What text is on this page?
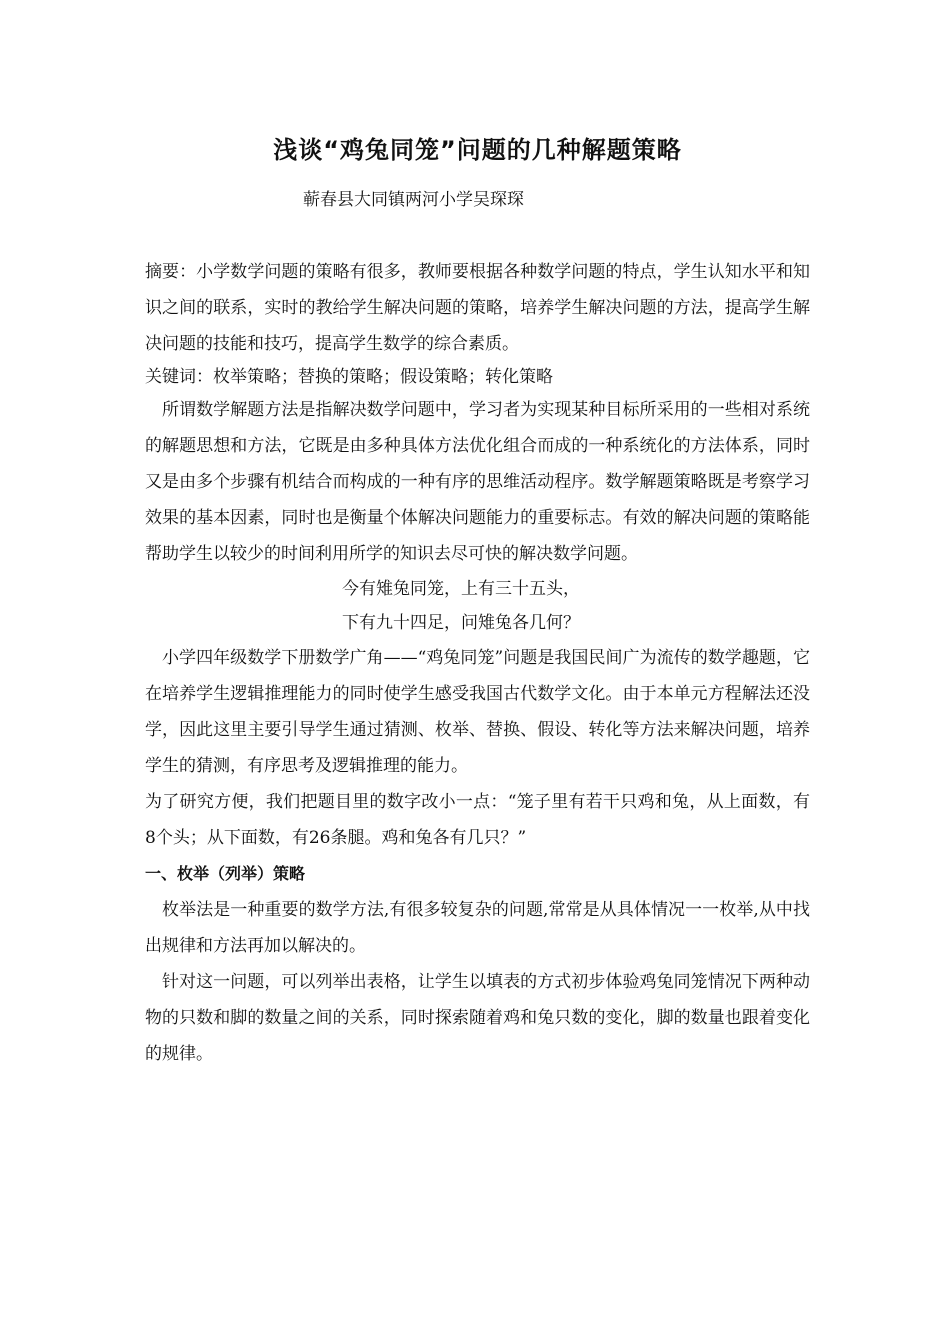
浅谈“鸡兔同笼”问题的几种解题策略

蕲春县大同镇两河小学吴琛琛

摘要：小学数学问题的策略有很多，教师要根据各种数学问题的特点，学生认知水平和知识之间的联系，实时的教给学生解决问题的策略，培养学生解决问题的方法，提高学生解决问题的技能和技巧，提高学生数学的综合素质。

关键词：枚举策略；替换的策略；假设策略；转化策略

所谓数学解题方法是指解决数学问题中，学习者为实现某种目标所采用的一些相对系统的解题思想和方法，它既是由多种具体方法优化组合而成的一种系统化的方法体系，同时又是由多个步骤有机结合而构成的一种有序的思维活动程序。数学解题策略既是考察学习效果的基本因素，同时也是衡量个体解决问题能力的重要标志。有效的解决问题的策略能帮助学生以较少的时间利用所学的知识去尽可快的解决数学问题。

今有雉兔同笼，上有三十五头，

下有九十四足，问雉兔各几何？

小学四年级数学下册数学广角——“鸡兔同笼”问题是我国民间广为流传的数学趣题，它在培养学生逻辑推理能力的同时使学生感受我国古代数学文化。由于本单元方程解法还没学，因此这里主要引导学生通过猜测、枚举、替换、假设、转化等方法来解决问题，培养学生的猜测，有序思考及逻辑推理的能力。

为了研究方便，我们把题目里的数字改小一点：“笼子里有若干只鸡和兔，从上面数，有8个头；从下面数，有26条腿。鸡和兔各有几只？”

一、枚举（列举）策略

枚举法是一种重要的数学方法,有很多较复杂的问题,常常是从具体情况一一枚举,从中找出规律和方法再加以解决的。

针对这一问题，可以列举出表格，让学生以填表的方式初步体验鸡兔同笼情况下两种动物的只数和脚的数量之间的关系，同时探索随着鸡和兔只数的变化，脚的数量也跟着变化的规律。
